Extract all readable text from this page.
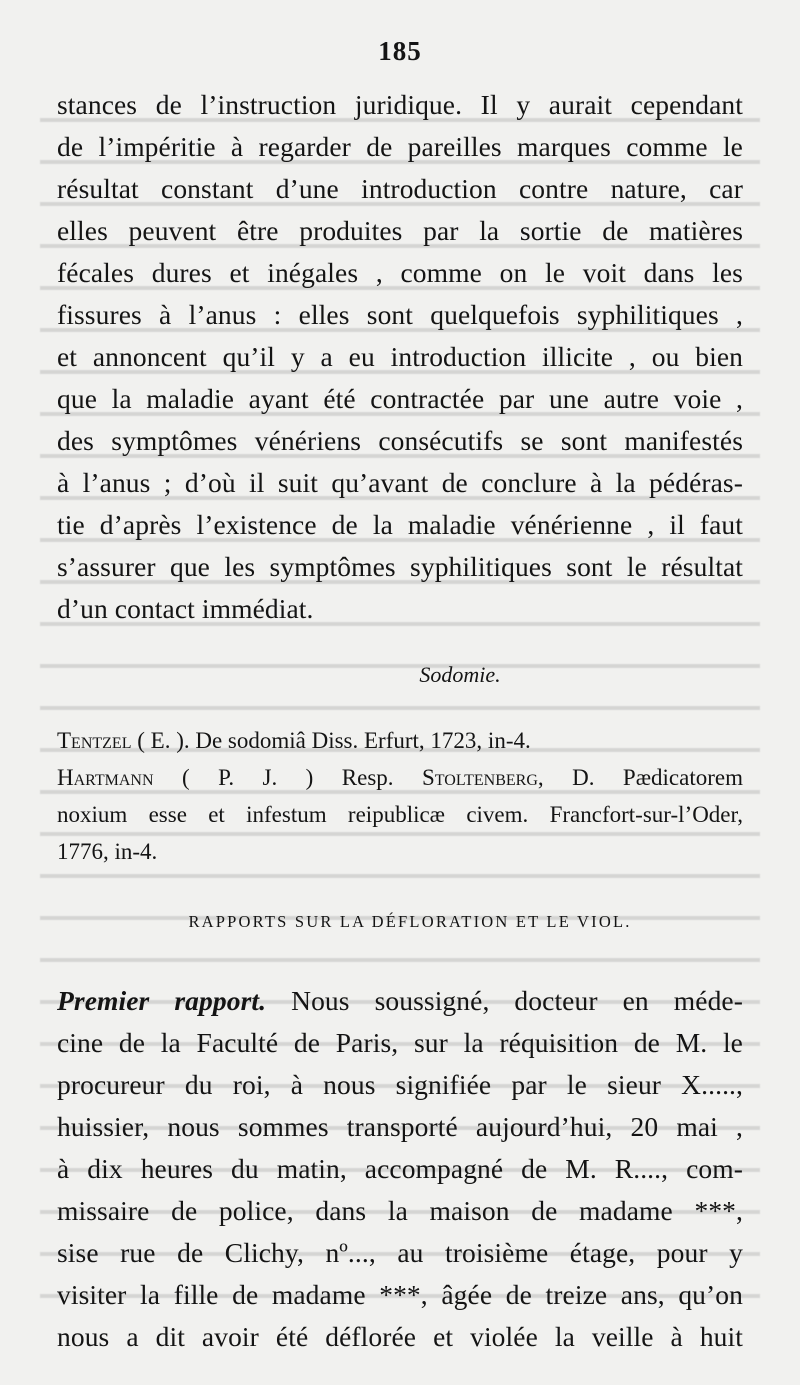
185
stances de l’instruction juridique. Il y aurait cependant
de l’impéritie à regarder de pareilles marques comme le
résultat constant d’une introduction contre nature, car
elles peuvent être produites par la sortie de matières
fécales dures et inégales , comme on le voit dans les
fissures à l’anus : elles sont quelquefois syphilitiques ,
et annoncent qu’il y a eu introduction illicite , ou bien
que la maladie ayant été contractée par une autre voie ,
des symptômes vénériens consécutifs se sont manifestés
à l’anus ; d’où il suit qu’avant de conclure à la pédéras-
tie d’après l’existence de la maladie vénérienne , il faut
s’assurer que les symptômes syphilitiques sont le résultat
d’un contact immédiat.
Sodomie.
Tentzel ( E. ). De sodomiâ Diss. Erfurt, 1723, in-4.
Hartmann ( P. J. ) Resp. Stoltenberg, D. Pædicatorem
noxium esse et infestum reipublicæ civem. Francfort-sur-l’Oder,
1776, in-4.
RAPPORTS SUR LA DÉFLORATION ET LE VIOL.
Premier rapport. Nous soussigné, docteur en méde-
cine de la Faculté de Paris, sur la réquisition de M. le
procureur du roi, à nous signifiée par le sieur X.....,
huissier, nous sommes transporté aujourd’hui, 20 mai ,
à dix heures du matin, accompagné de M. R...., com-
missaire de police, dans la maison de madame ***,
sise rue de Clichy, nº..., au troisième étage, pour y
visiter la fille de madame ***, âgée de treize ans, qu’on
nous a dit avoir été déflorée et violée la veille à huit
